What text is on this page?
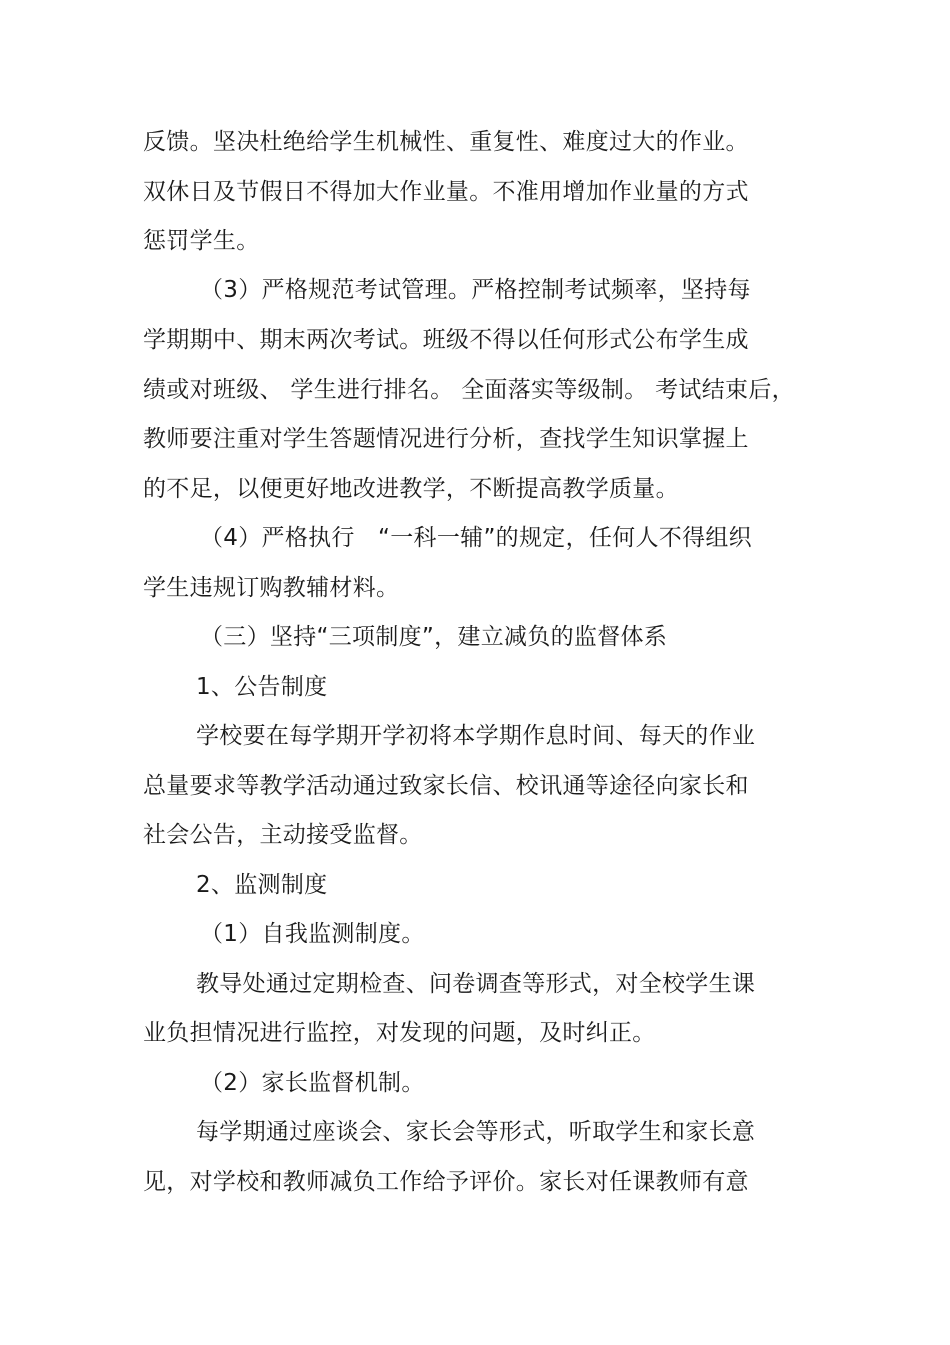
反馈。坚决杜绝给学生机械性、重复性、难度过大的作业。
双休日及节假日不得加大作业量。不准用增加作业量的方式
惩罚学生。
（3）严格规范考试管理。严格控制考试频率，坚持每
学期期中、期末两次考试。班级不得以任何形式公布学生成
绩或对班级、 学生进行排名。 全面落实等级制。 考试结束后，
教师要注重对学生答题情况进行分析，查找学生知识掌握上
的不足，以便更好地改进教学，不断提高教学质量。
（4）严格执行　“一科一辅”的规定，任何人不得组织
学生违规订购教辅材料。
（三）坚持“三项制度”，建立减负的监督体系
1、公告制度
学校要在每学期开学初将本学期作息时间、每天的作业
总量要求等教学活动通过致家长信、校讯通等途径向家长和
社会公告，主动接受监督。
2、监测制度
（1）自我监测制度。
教导处通过定期检查、问卷调查等形式，对全校学生课
业负担情况进行监控，对发现的问题，及时纠正。
（2）家长监督机制。
每学期通过座谈会、家长会等形式，听取学生和家长意
见，对学校和教师减负工作给予评价。家长对任课教师有意
